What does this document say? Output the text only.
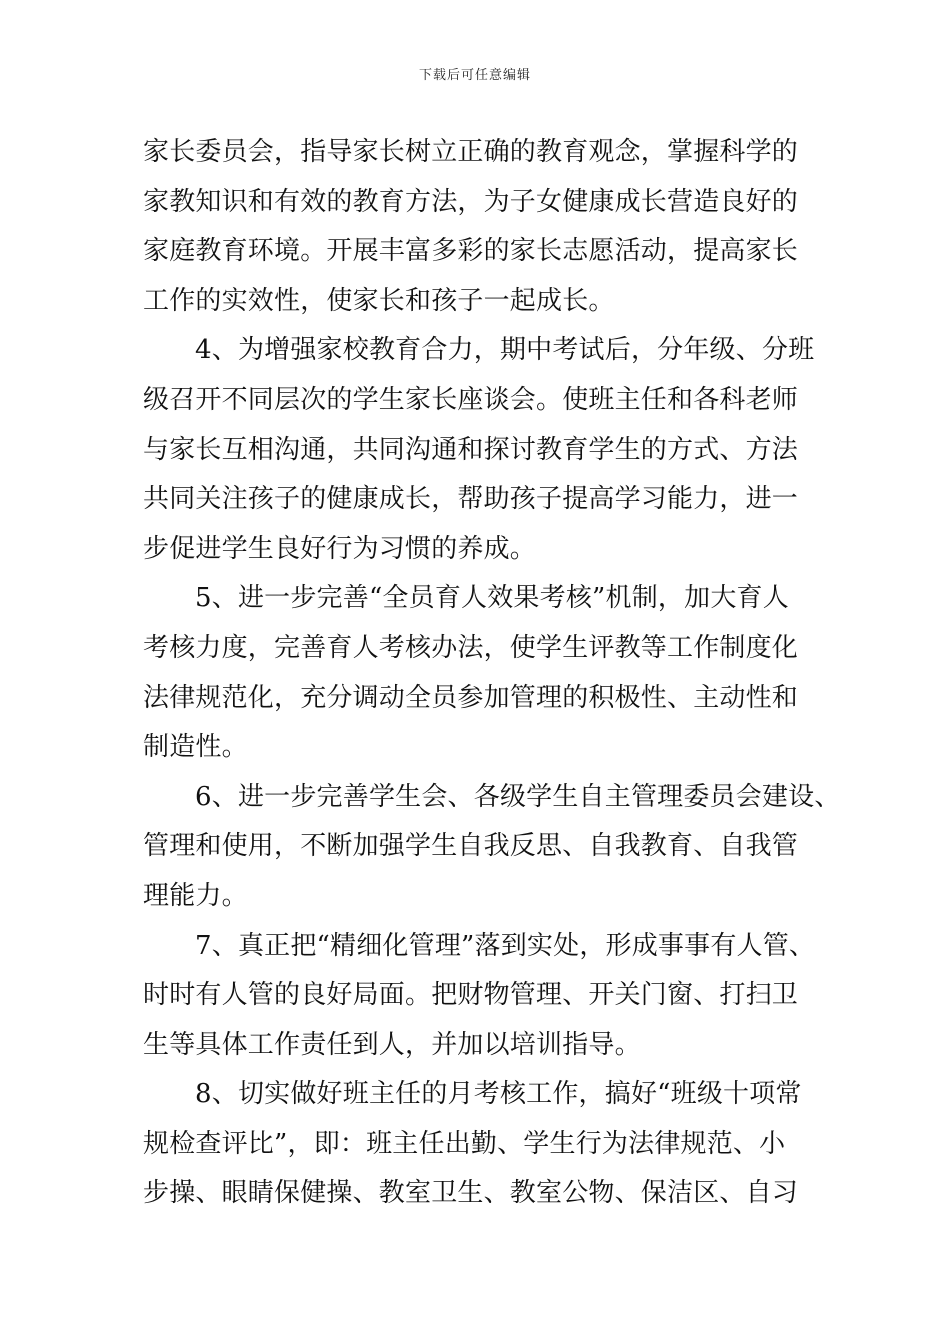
下载后可任意编辑
家长委员会，指导家长树立正确的教育观念，掌握科学的
家教知识和有效的教育方法，为子女健康成长营造良好的
家庭教育环境。开展丰富多彩的家长志愿活动，提高家长
工作的实效性，使家长和孩子一起成长。
4、为增强家校教育合力，期中考试后，分年级、分班
级召开不同层次的学生家长座谈会。使班主任和各科老师
与家长互相沟通，共同沟通和探讨教育学生的方式、方法
共同关注孩子的健康成长，帮助孩子提高学习能力，进一
步促进学生良好行为习惯的养成。
5、进一步完善“全员育人效果考核”机制，加大育人
考核力度，完善育人考核办法，使学生评教等工作制度化
法律规范化，充分调动全员参加管理的积极性、主动性和
制造性。
6、进一步完善学生会、各级学生自主管理委员会建设、
管理和使用，不断加强学生自我反思、自我教育、自我管
理能力。
7、真正把“精细化管理”落到实处，形成事事有人管、
时时有人管的良好局面。把财物管理、开关门窗、打扫卫
生等具体工作责任到人，并加以培训指导。
8、切实做好班主任的月考核工作，搞好“班级十项常
规检查评比”，即：班主任出勤、学生行为法律规范、小
步操、眼睛保健操、教室卫生、教室公物、保洁区、自习
